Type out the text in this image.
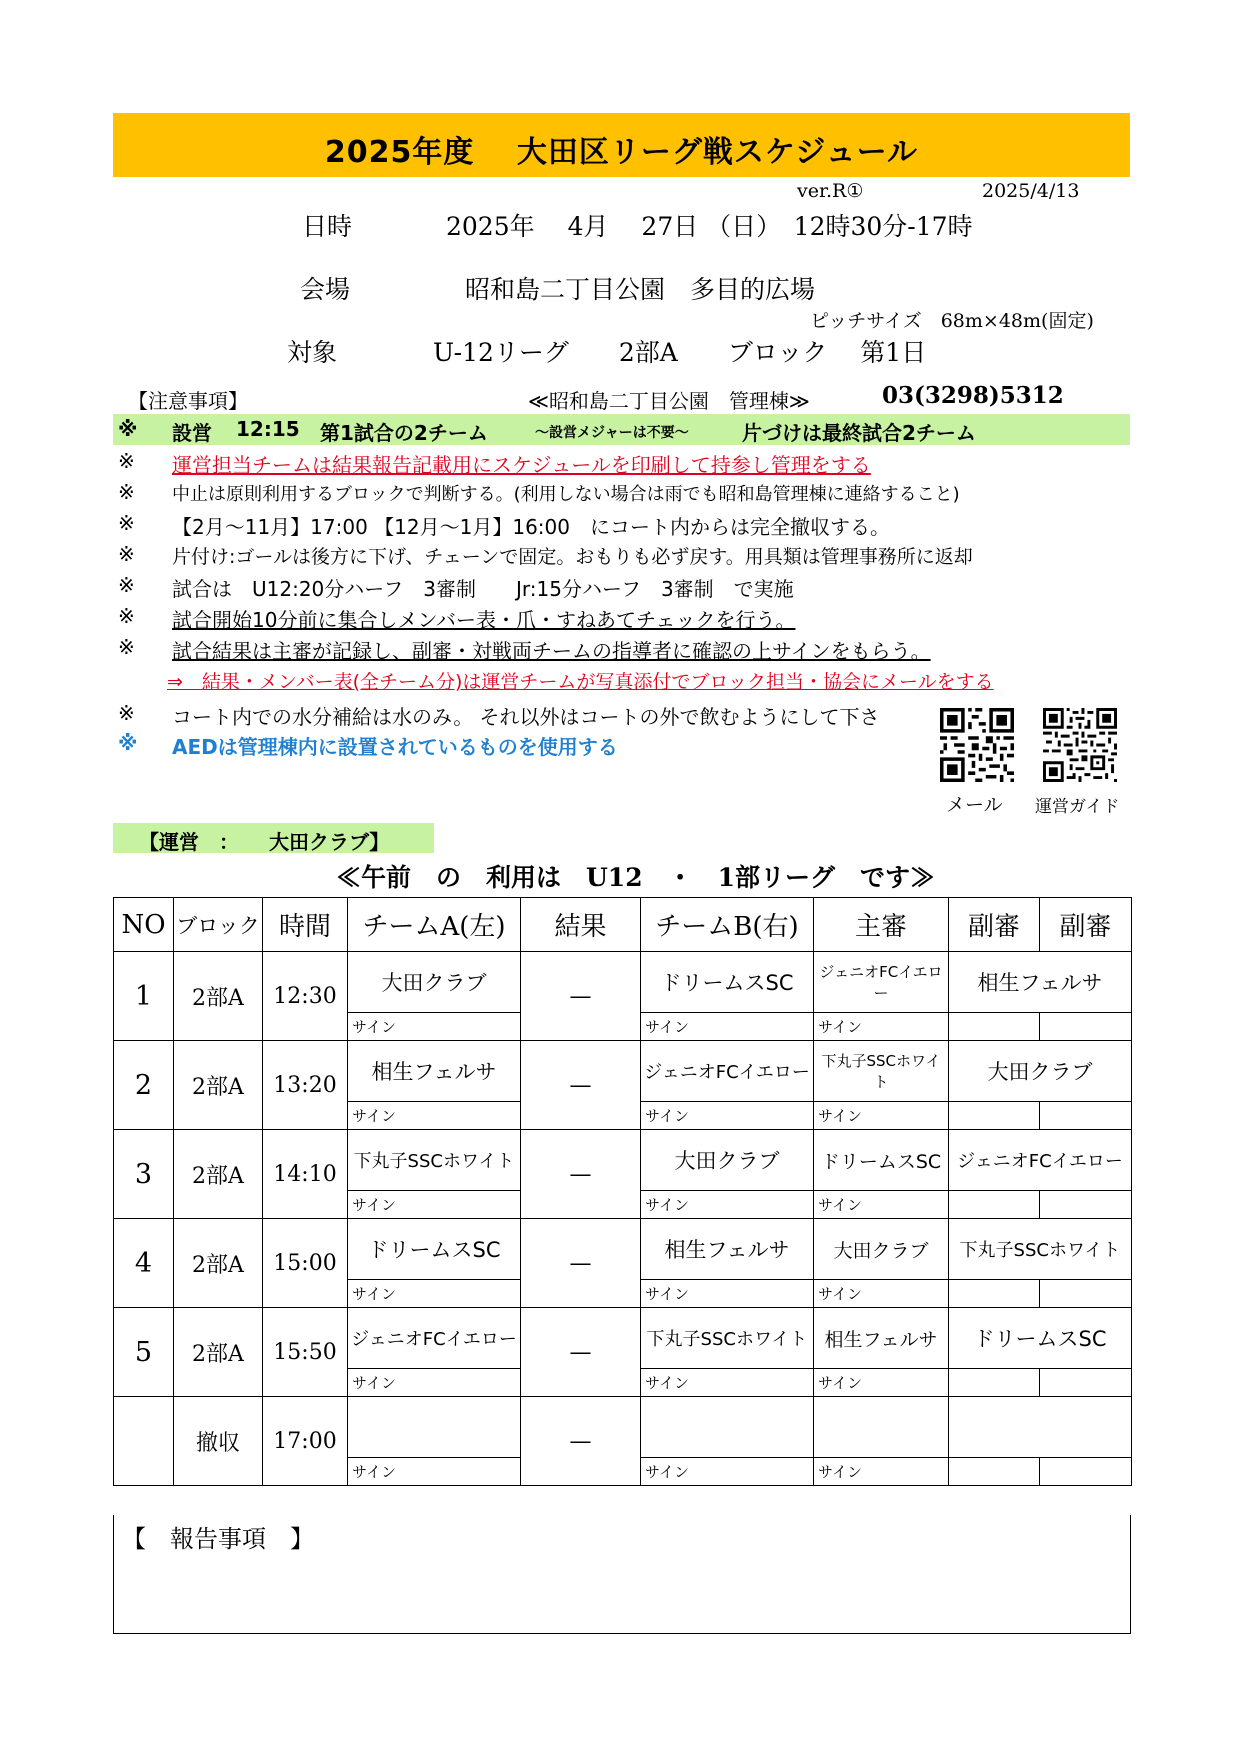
2025年度　 大田区リーグ戦スケジュール
ver.R①	2025/4/13
日時	2025年　 4月　 27日 （日）　12時30分-17時
会場	昭和島二丁目公園　多目的広場
ピッチサイズ　68m×48m(固定)
対象	U-12リーグ　　2部A　　ブロック　 第1日
【注意事項】	≪昭和島二丁目公園　管理棟≫	03(3298)5312
※ 設営 12:15 第1試合の2チーム	～設営メジャーは不要～	片づけは最終試合2チーム
※ 運営担当チームは結果報告記載用にスケジュールを印刷して持参し管理をする
※ 中止は原則利用するブロックで判断する。(利用しない場合は雨でも昭和島管理棟に連絡すること)
※ 【2月～11月】17:00 【12月～1月】16:00　にコート内からは完全撤収する。
※ 片付け:ゴールは後方に下げ、チェーンで固定。おもりも必ず戻す。用具類は管理事務所に返却
※ 試合は　U12:20分ハーフ　3審制　　Jr:15分ハーフ　3審制　で実施
※ 試合開始10分前に集合しメンバー表・爪・すねあてチェックを行う。
※ 試合結果は主審が記録し、副審・対戦両チームの指導者に確認の上サインをもらう。
⇒　結果・メンバー表(全チーム分)は運営チームが写真添付でブロック担当・協会にメールをする
※ コート内での水分補給は水のみ。 それ以外はコートの外で飲むようにして下さ
※ AEDは管理棟内に設置されているものを使用する
メール 運営ガイド
【運営　：　　大田クラブ】
≪午前　の　利用は　U12　・　1部リーグ　です≫
NO	ブロック	時間	チームA(左)	結果	チームB(右)	主審	副審	副審
1	2部A	12:30	大田クラブ	—	ドリームスSC	ジェニオFCイエロー	相生フェルサ	
			サイン		サイン	サイン		
2	2部A	13:20	相生フェルサ	—	ジェニオFCイエロー	下丸子SSCホワイト	大田クラブ	
			サイン		サイン	サイン		
3	2部A	14:10	下丸子SSCホワイト	—	大田クラブ	ドリームスSC	ジェニオFCイエロー	
			サイン		サイン	サイン		
4	2部A	15:00	ドリームスSC	—	相生フェルサ	大田クラブ	下丸子SSCホワイト	
			サイン		サイン	サイン		
5	2部A	15:50	ジェニオFCイエロー	—	下丸子SSCホワイト	相生フェルサ	ドリームスSC	
			サイン		サイン	サイン		
	撤収	17:00		—				
			サイン		サイン	サイン		
【　報告事項　】
